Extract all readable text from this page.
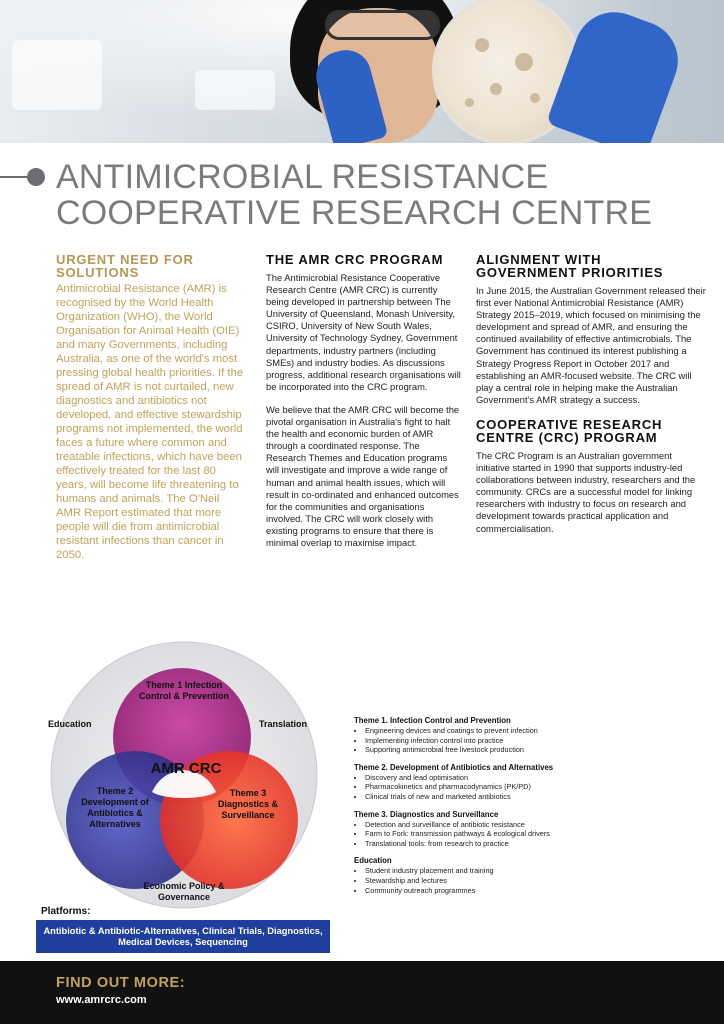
ANTIMICROBIAL RESISTANCE COOPERATIVE RESEARCH CENTRE
URGENT NEED FOR SOLUTIONS

Antimicrobial Resistance (AMR) is recognised by the World Health Organization (WHO), the World Organisation for Animal Health (OIE) and many Governments, including Australia, as one of the world's most pressing global health priorities. If the spread of AMR is not curtailed, new diagnostics and antibiotics not developed, and effective stewardship programs not implemented, the world faces a future where common and treatable infections, which have been effectively treated for the last 80 years, will become life threatening to humans and animals. The O'Neil AMR Report estimated that more people will die from antimicrobial resistant infections than cancer in 2050.

THE AMR CRC PROGRAM

The Antimicrobial Resistance Cooperative Research Centre (AMR CRC) is currently being developed in partnership between The University of Queensland, Monash University, CSIRO, University of New South Wales, University of Technology Sydney, Government departments, industry partners (including SMEs) and industry bodies. As discussions progress, additional research organisations will be incorporated into the CRC program.

We believe that the AMR CRC will become the pivotal organisation in Australia's fight to halt the health and economic burden of AMR through a coordinated response. The Research Themes and Education programs will investigate and improve a wide range of human and animal health issues, which will result in co-ordinated and enhanced outcomes for the communities and organisations involved. The CRC will work closely with existing programs to ensure that there is minimal overlap to maximise impact.

ALIGNMENT WITH GOVERNMENT PRIORITIES

In June 2015, the Australian Government released their first ever National Antimicrobial Resistance (AMR) Strategy 2015–2019, which focused on minimising the development and spread of AMR, and ensuring the continued availability of effective antimicrobials. The Government has continued its interest publishing a Strategy Progress Report in October 2017 and establishing an AMR-focused website. The CRC will play a central role in helping make the Australian Government's AMR strategy a success.

COOPERATIVE RESEARCH CENTRE (CRC) PROGRAM

The CRC Program is an Australian government initiative started in 1990 that supports industry-led collaborations between industry, researchers and the community. CRCs are a successful model for linking researchers with industry to focus on research and development towards practical application and commercialisation.

Theme 1 Infection Control & Prevention
Theme 2 Development of Antibiotics & Alternatives
Theme 3 Diagnostics & Surveillance
AMR CRC
Education	Translation
Economic Policy & Governance
Platforms:
Antibiotic & Antibiotic-Alternatives, Clinical Trials, Diagnostics, Medical Devices, Sequencing
Theme 1. Infection Control and Prevention
• Engineering devices and coatings to prevent infection
• Implementing infection control into practice
• Supporting antimicrobial free livestock production
Theme 2. Development of Antibiotics and Alternatives
• Discovery and lead optimisation
• Pharmacokinetics and pharmacodynamics (PK/PD)
• Clinical trials of new and marketed antibiotics
Theme 3. Diagnostics and Surveillance
• Detection and surveillance of antibiotic resistance
• Farm to Fork: transmission pathways & ecological drivers
• Translational tools: from research to practice
Education
• Student industry placement and training
• Stewardship and lectures
• Community outreach programmes
FIND OUT MORE:
www.amrcrc.com
